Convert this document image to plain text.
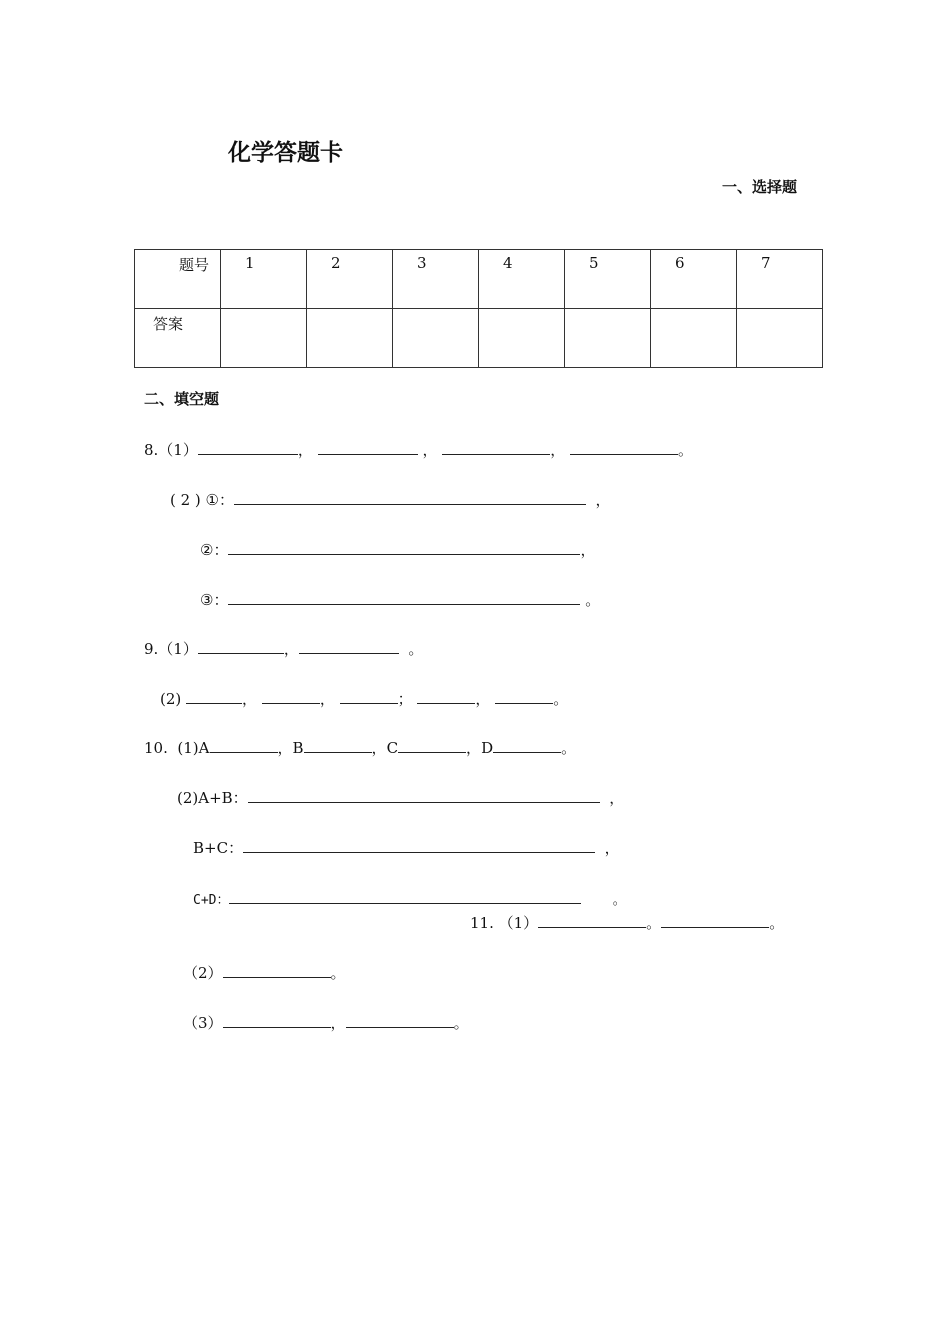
化学答题卡
一、选择题
题号	1	2	3	4	5	6	7
答案							
二、填空题
8.（1）	，	，	，	。
( 2 ) ①：	，
②：	，
③：	。
9.（1）	，	。
(2)	，	，	；	，	。
10. (1)A	，B	，C	，D	。
(2)A+B：	，
B+C：	，
C+D：	。
11. （1）	。	。
（2）	。
（3）	，	。
